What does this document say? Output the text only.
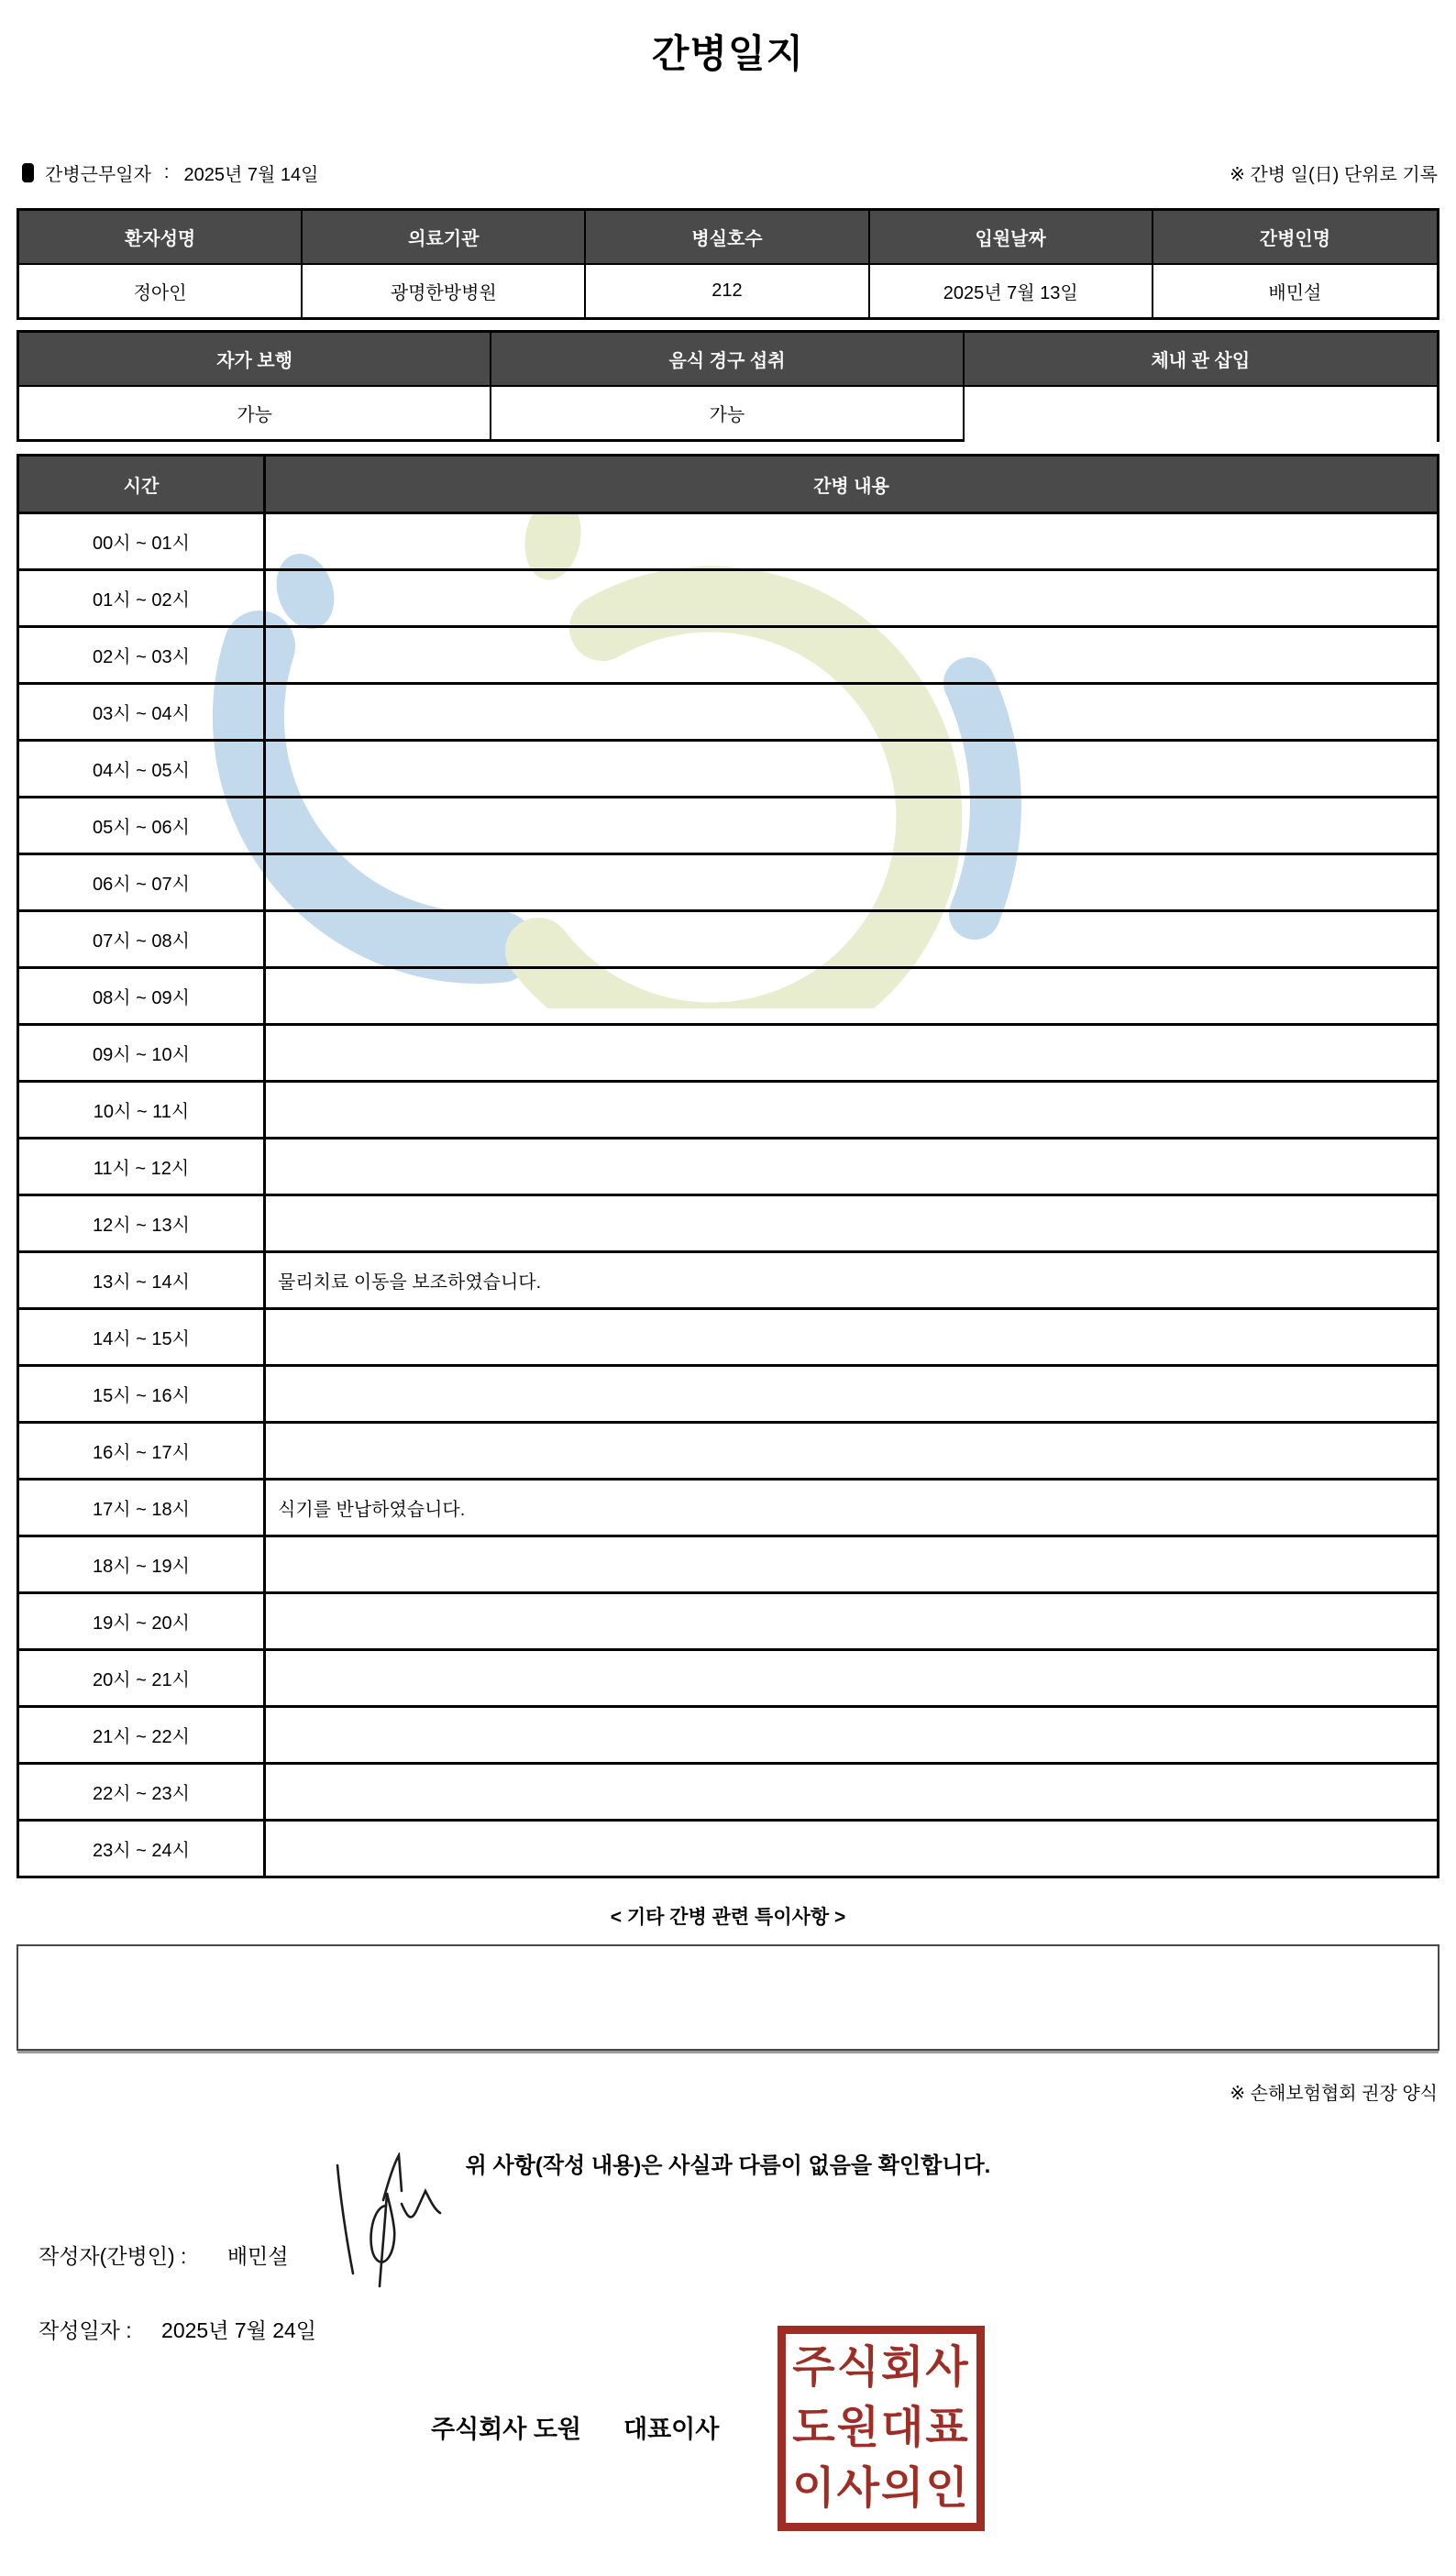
간병일지
간병근무일자 : 2025년 7월 14일	※ 간병 일(日) 단위로 기록
환자성명	의료기관	병실호수	입원날짜	간병인명
정아인	광명한방병원	212	2025년 7월 13일	배민설
자가 보행	음식 경구 섭취	체내 관 삽입
가능	가능
시간	간병 내용
00시 ~ 01시
01시 ~ 02시
02시 ~ 03시
03시 ~ 04시
04시 ~ 05시
05시 ~ 06시
06시 ~ 07시
07시 ~ 08시
08시 ~ 09시
09시 ~ 10시
10시 ~ 11시
11시 ~ 12시
12시 ~ 13시
13시 ~ 14시	물리치료 이동을 보조하였습니다.
14시 ~ 15시
15시 ~ 16시
16시 ~ 17시
17시 ~ 18시	식기를 반납하였습니다.
18시 ~ 19시
19시 ~ 20시
20시 ~ 21시
21시 ~ 22시
22시 ~ 23시
23시 ~ 24시
< 기타 간병 관련 특이사항 >
※ 손해보험협회 권장 양식
위 사항(작성 내용)은 사실과 다름이 없음을 확인합니다.
작성자(간병인) : 배민설
작성일자 : 2025년 7월 24일
주식회사 도원 대표이사
주식회사
도원대표
이사의인
